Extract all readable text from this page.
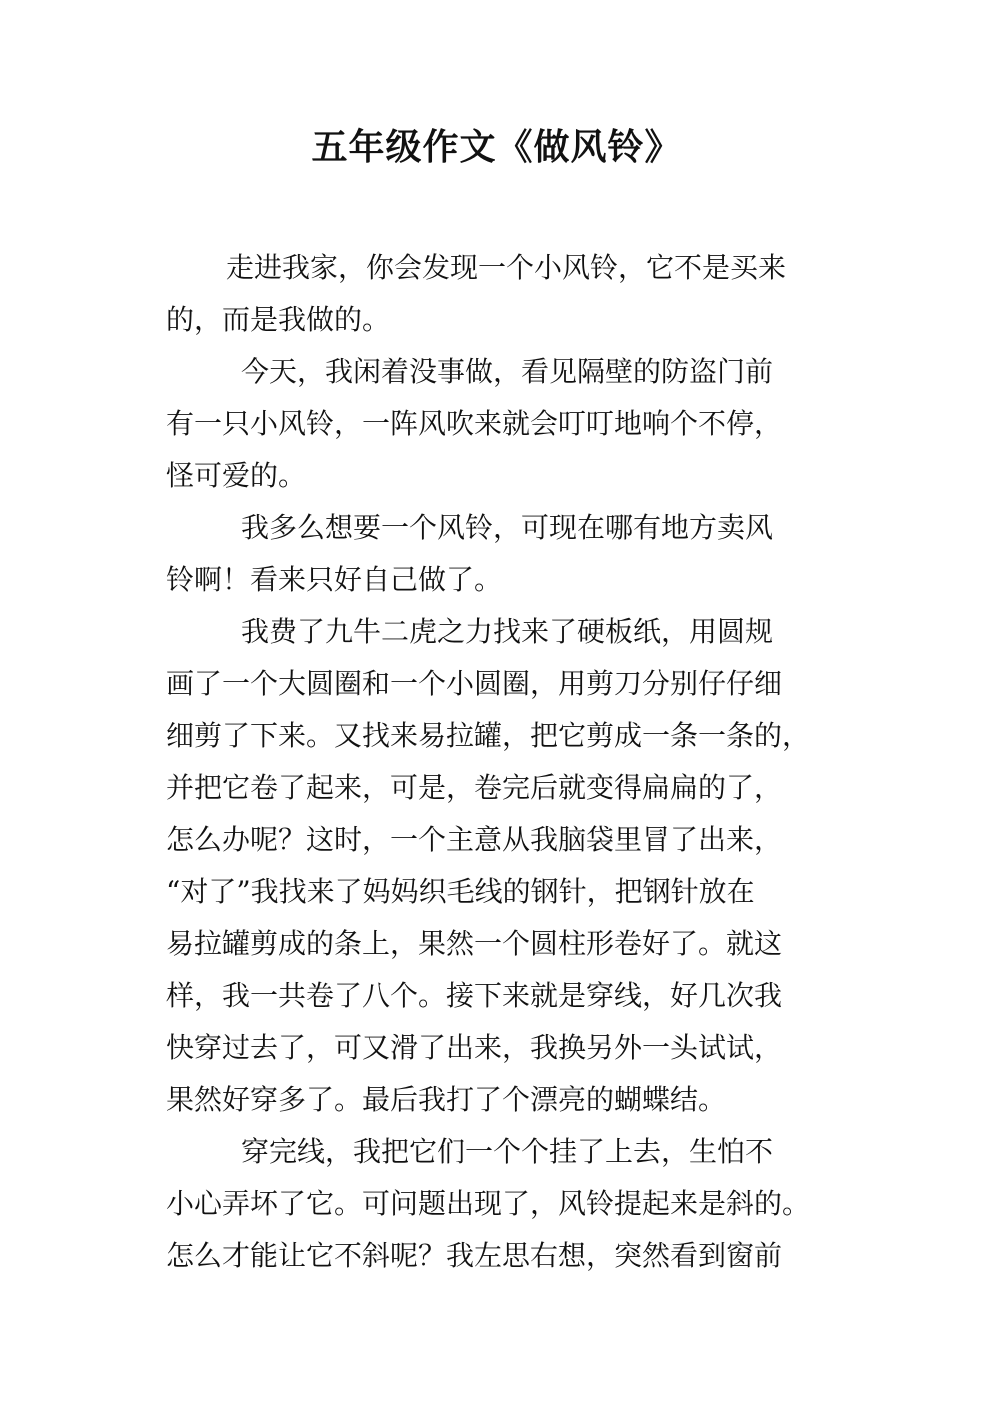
五年级作文《做风铃》

走进我家，你会发现一个小风铃，它不是买来

的，而是我做的。

今天，我闲着没事做，看见隔壁的防盗门前

有一只小风铃，一阵风吹来就会叮叮地响个不停，

怪可爱的。

我多么想要一个风铃，可现在哪有地方卖风

铃啊！看来只好自己做了。

我费了九牛二虎之力找来了硬板纸，用圆规

画了一个大圆圈和一个小圆圈，用剪刀分别仔仔细

细剪了下来。又找来易拉罐，把它剪成一条一条的，

并把它卷了起来，可是，卷完后就变得扁扁的了，

怎么办呢？这时，一个主意从我脑袋里冒了出来，

“对了”我找来了妈妈织毛线的钢针，把钢针放在

易拉罐剪成的条上，果然一个圆柱形卷好了。就这

样，我一共卷了八个。接下来就是穿线，好几次我

快穿过去了，可又滑了出来，我换另外一头试试，

果然好穿多了。最后我打了个漂亮的蝴蝶结。

穿完线，我把它们一个个挂了上去，生怕不

小心弄坏了它。可问题出现了，风铃提起来是斜的。

怎么才能让它不斜呢？我左思右想，突然看到窗前
